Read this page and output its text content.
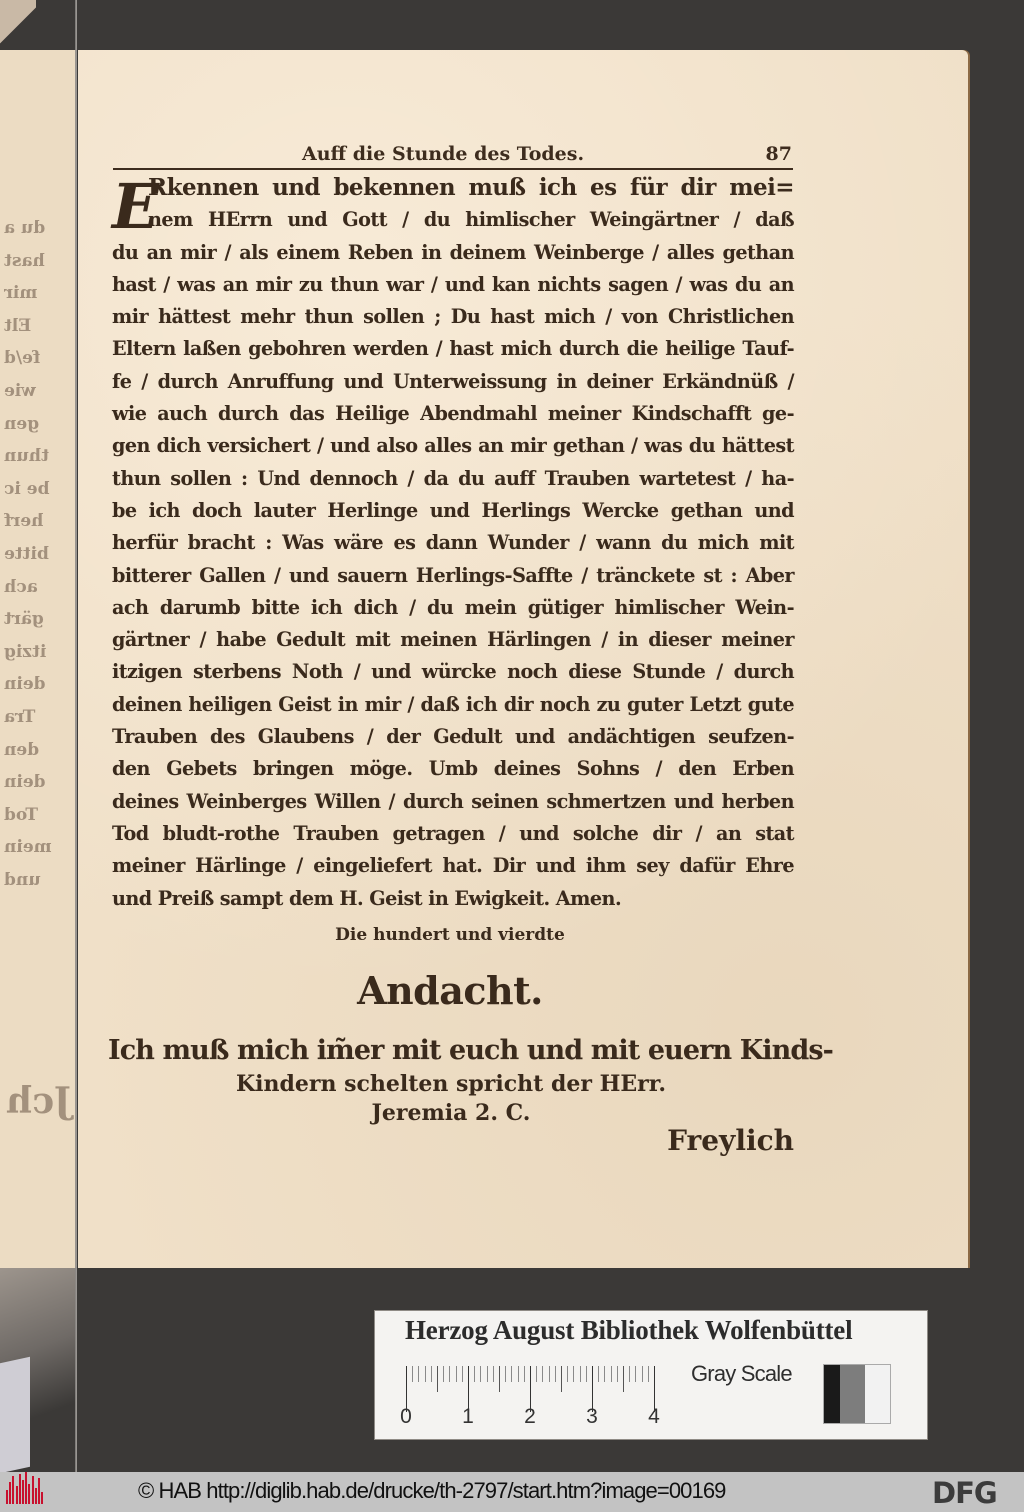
du a
hast
mir
Elt
fe/d
wie
gen
thun
be ic
herf
bitte
ach
gärt
itzig
dein
Tra
den
dein
Tod
mein
und
Jch
Auff die Stunde des Todes.	87
E
Rkennen und bekennen muß ich es für dir mei=
nem HErrn und Gott / du himlischer Weingärtner / daß
du an mir / als einem Reben in deinem Weinberge / alles gethan
hast / was an mir zu thun war / und kan nichts sagen / was du an
mir hättest mehr thun sollen ; Du hast mich / von Christlichen
Eltern laßen gebohren werden / hast mich durch die heilige Tauf-
fe / durch Anruffung und Unterweissung in deiner Erkändnüß /
wie auch durch das Heilige Abendmahl meiner Kindschafft ge-
gen dich versichert / und also alles an mir gethan / was du hättest
thun sollen : Und dennoch / da du auff Trauben wartetest / ha-
be ich doch lauter Herlinge und Herlings Wercke gethan und
herfür bracht : Was wäre es dann Wunder / wann du mich mit
bitterer Gallen / und sauern Herlings-Saffte / tränckete st : Aber
ach darumb bitte ich dich / du mein gütiger himlischer Wein-
gärtner / habe Gedult mit meinen Härlingen / in dieser meiner
itzigen sterbens Noth / und würcke noch diese Stunde / durch
deinen heiligen Geist in mir / daß ich dir noch zu guter Letzt gute
Trauben des Glaubens / der Gedult und andächtigen seufzen-
den Gebets bringen möge. Umb deines Sohns / den Erben
deines Weinberges Willen / durch seinen schmertzen und herben
Tod bludt-rothe Trauben getragen / und solche dir / an stat
meiner Härlinge / eingeliefert hat. Dir und ihm sey dafür Ehre
und Preiß sampt dem H. Geist in Ewigkeit. Amen.
Die hundert und vierdte
Andacht.
Ich muß mich im̃er mit euch und mit euern Kinds-
Kindern schelten spricht der HErr.
Jeremia 2. C.
Freylich
Herzog August Bibliothek Wolfenbüttel
Gray Scale
0 1 2 3 4
© HAB http://diglib.hab.de/drucke/th-2797/start.htm?image=00169	DFG
